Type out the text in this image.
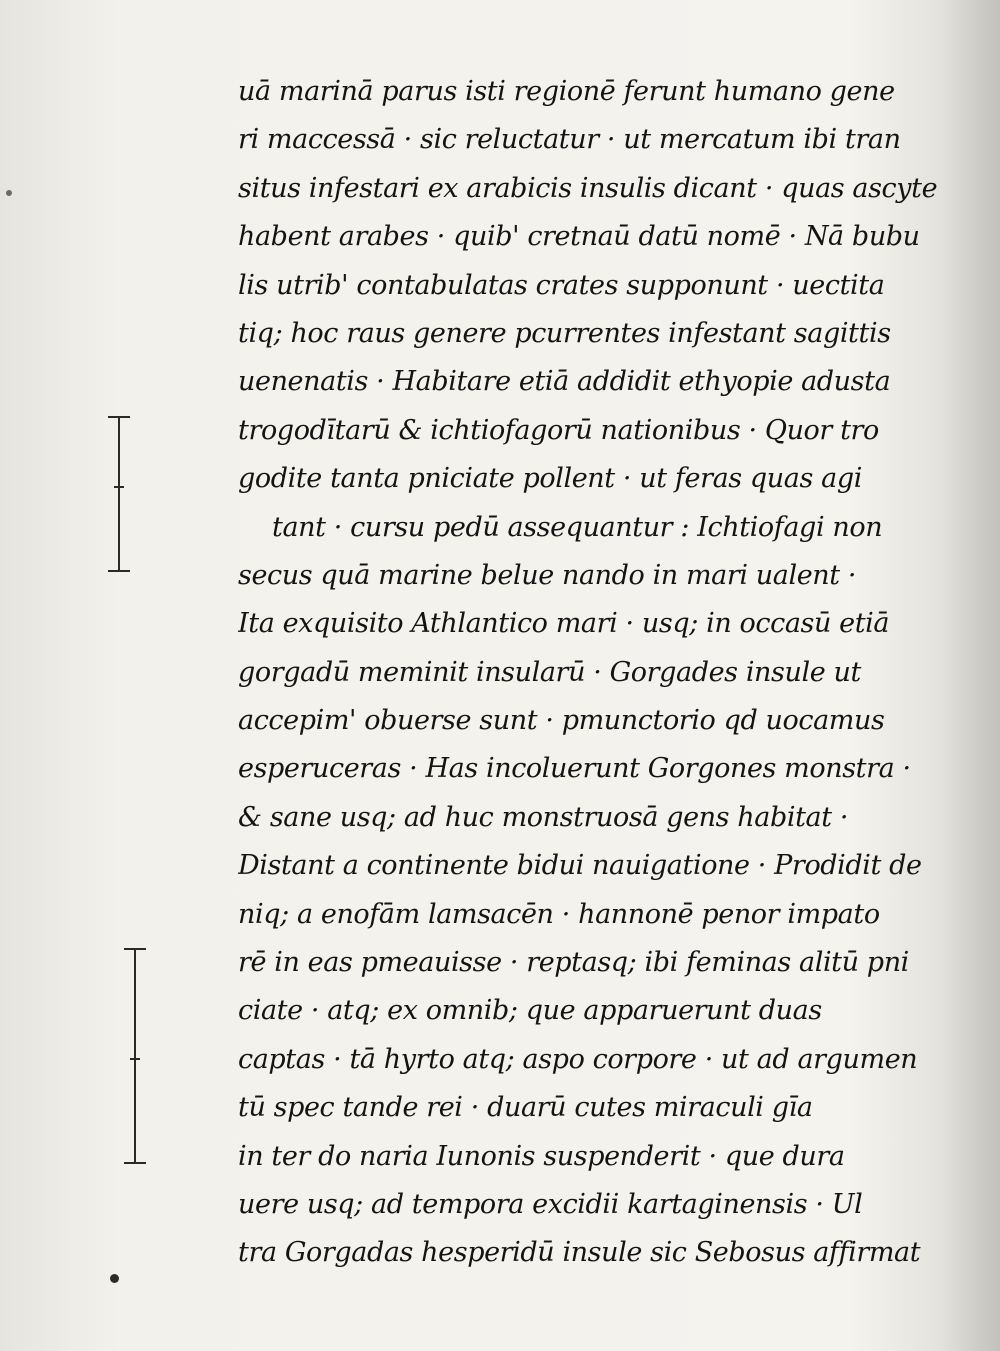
uā marinā parus isti regionē ferunt humano gene
ri maccessā · sic reluctatur · ut mercatum ibi tran
situs infestari ex arabicis insulis dicant · quas ascyte
habent arabes · quib' cretnaū datū nomē · Nā bubu
lis utrib' contabulatas crates supponunt · uectita
tiq; hoc raus genere pcurrentes infestant sagittis
uenenatis · Habitare etiā addidit ethyopie adusta
trogodītarū & ichtiofagorū nationibus · Quor tro
godite tanta pniciate pollent · ut feras quas agi
tant · cursu pedū assequantur : Ichtiofagi non
secus quā marine belue nando in mari ualent ·
Ita exquisito Athlantico mari · usq; in occasū etiā
gorgadū meminit insularū · Gorgades insule ut
accepim' obuerse sunt · pmunctorio qd uocamus
esperuceras · Has incoluerunt Gorgones monstra ·
& sane usq; ad huc monstruosā gens habitat ·
Distant a continente bidui nauigatione · Prodidit de
niq; a enofām lamsacēn · hannonē penor impato
rē in eas pmeauisse · reptasq; ibi feminas alitū pni
ciate · atq; ex omnib; que apparuerunt duas
captas · tā hyrto atq; aspo corpore · ut ad argumen
tū spec tande rei · duarū cutes miraculi gīa
in ter do naria Iunonis suspenderit · que dura
uere usq; ad tempora excidii kartaginensis · Ul
tra Gorgadas hesperidū insule sic Sebosus affirmat
